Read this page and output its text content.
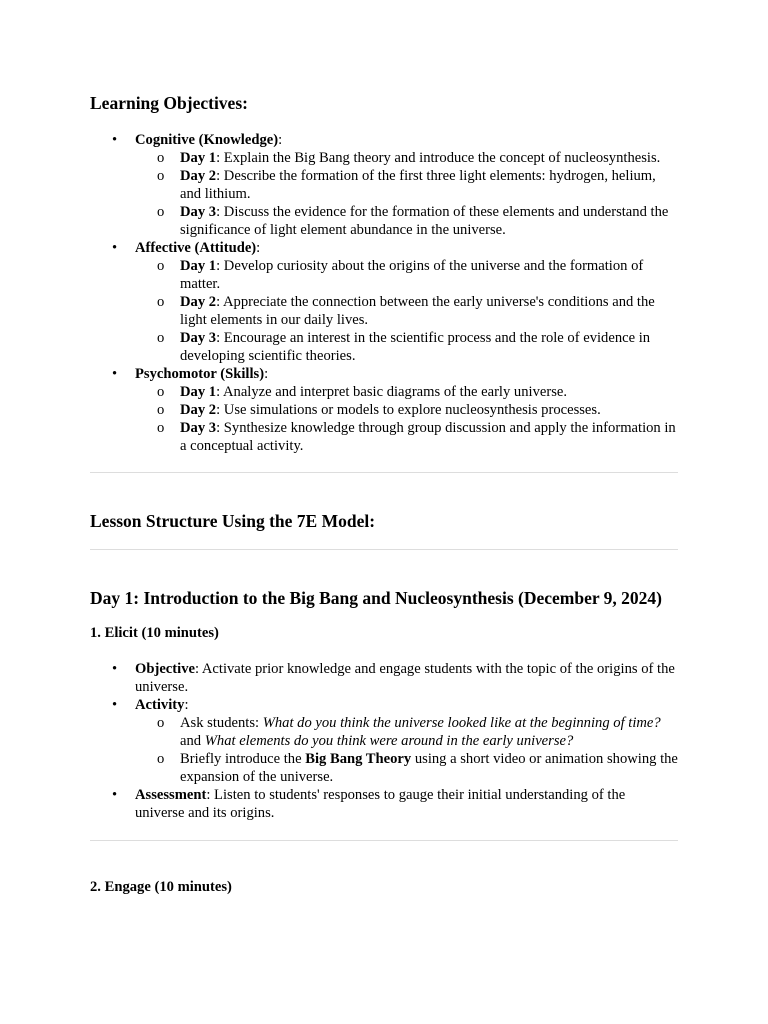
Learning Objectives:
• Cognitive (Knowledge):
o Day 1: Explain the Big Bang theory and introduce the concept of nucleosynthesis.
o Day 2: Describe the formation of the first three light elements: hydrogen, helium, and lithium.
o Day 3: Discuss the evidence for the formation of these elements and understand the significance of light element abundance in the universe.
• Affective (Attitude):
o Day 1: Develop curiosity about the origins of the universe and the formation of matter.
o Day 2: Appreciate the connection between the early universe's conditions and the light elements in our daily lives.
o Day 3: Encourage an interest in the scientific process and the role of evidence in developing scientific theories.
• Psychomotor (Skills):
o Day 1: Analyze and interpret basic diagrams of the early universe.
o Day 2: Use simulations or models to explore nucleosynthesis processes.
o Day 3: Synthesize knowledge through group discussion and apply the information in a conceptual activity.
Lesson Structure Using the 7E Model:
Day 1: Introduction to the Big Bang and Nucleosynthesis (December 9, 2024)
1. Elicit (10 minutes)
• Objective: Activate prior knowledge and engage students with the topic of the origins of the universe.
• Activity:
o Ask students: What do you think the universe looked like at the beginning of time? and What elements do you think were around in the early universe?
o Briefly introduce the Big Bang Theory using a short video or animation showing the expansion of the universe.
• Assessment: Listen to students' responses to gauge their initial understanding of the universe and its origins.
2. Engage (10 minutes)
